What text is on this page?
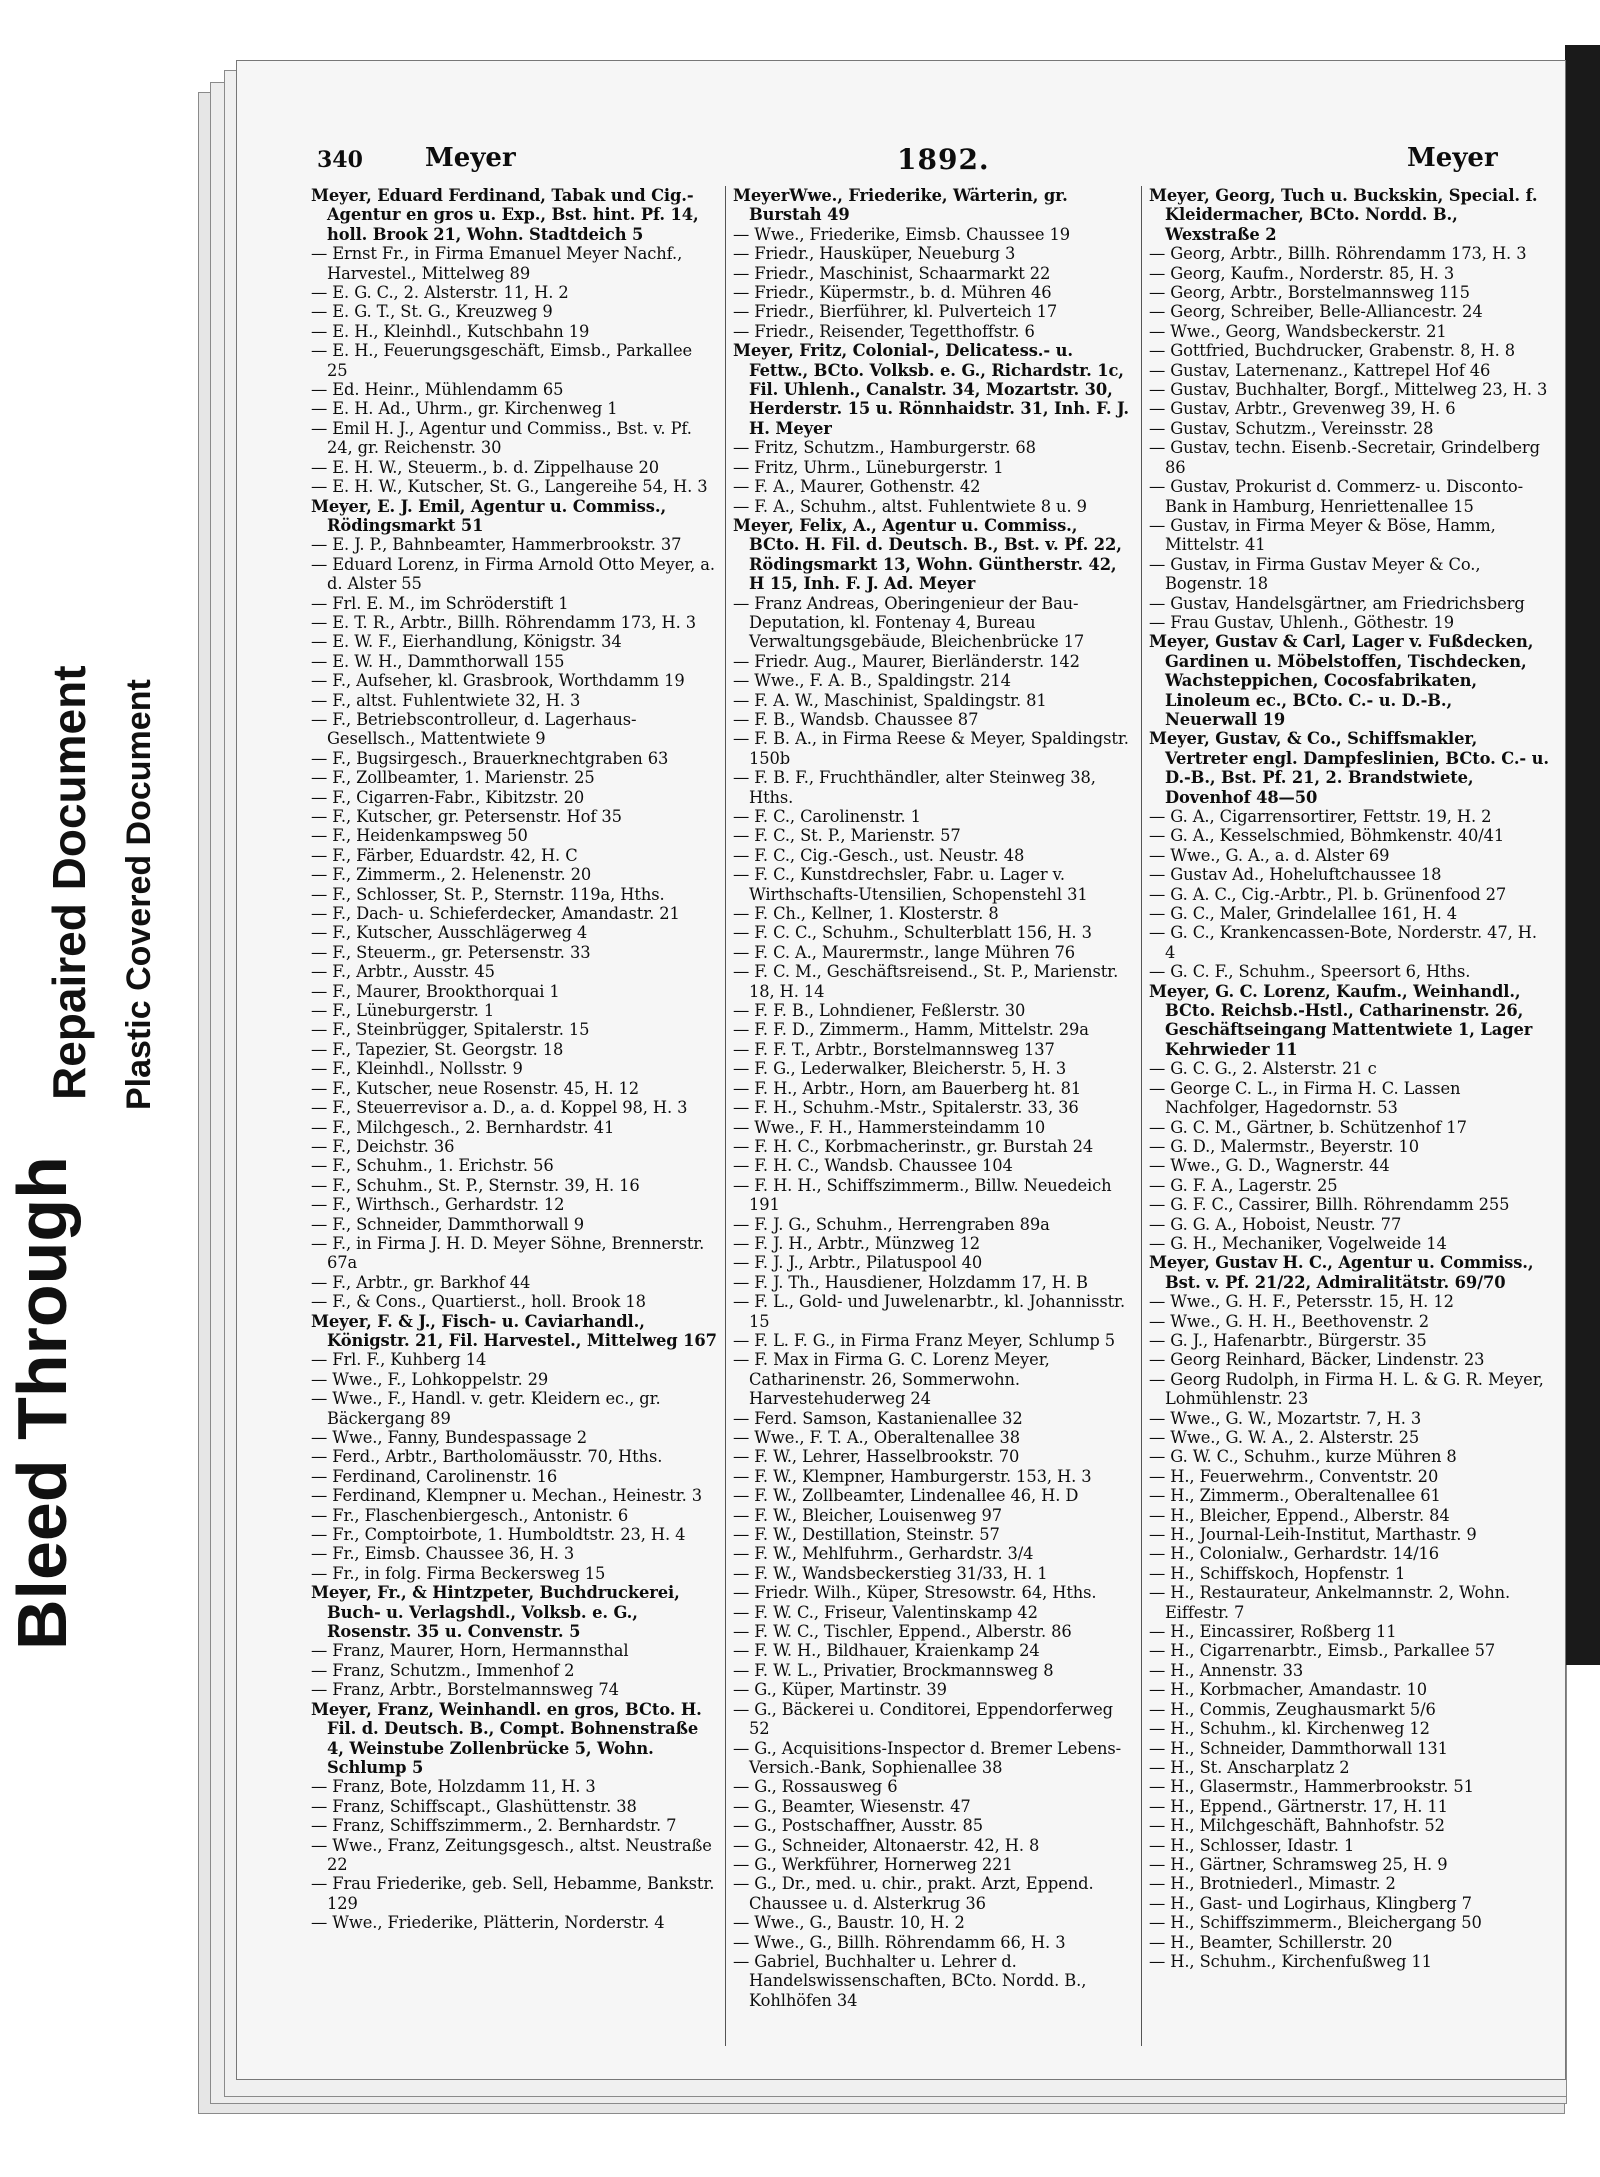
Bleed Through
Repaired Document Plastic Covered Document
340 Meyer	1892.	Meyer

Meyer, Eduard Ferdinand, Tabak und Cig.-Agentur en gros u. Exp., Bst. hint. Pf. 14, holl. Brook 21, Wohn. Stadtdeich 5

— Ernst Fr., in Firma Emanuel Meyer Nachf., Harvestel., Mittelweg 89

— E. G. C., 2. Alsterstr. 11, H. 2

— E. G. T., St. G., Kreuzweg 9

— E. H., Kleinhdl., Kutschbahn 19

— E. H., Feuerungsgeschäft, Eimsb., Parkallee 25

— Ed. Heinr., Mühlendamm 65

— E. H. Ad., Uhrm., gr. Kirchenweg 1

— Emil H. J., Agentur und Commiss., Bst. v. Pf. 24, gr. Reichenstr. 30

— E. H. W., Steuerm., b. d. Zippelhause 20

— E. H. W., Kutscher, St. G., Langereihe 54, H. 3

Meyer, E. J. Emil, Agentur u. Commiss., Rödingsmarkt 51

— E. J. P., Bahnbeamter, Hammerbrookstr. 37

— Eduard Lorenz, in Firma Arnold Otto Meyer, a. d. Alster 55

— Frl. E. M., im Schröderstift 1

— E. T. R., Arbtr., Billh. Röhrendamm 173, H. 3

— E. W. F., Eierhandlung, Königstr. 34

— E. W. H., Dammthorwall 155

— F., Aufseher, kl. Grasbrook, Worthdamm 19

— F., altst. Fuhlentwiete 32, H. 3

— F., Betriebscontrolleur, d. Lagerhaus-Gesellsch., Mattentwiete 9

— F., Bugsirgesch., Brauerknechtgraben 63

— F., Zollbeamter, 1. Marienstr. 25

— F., Cigarren-Fabr., Kibitzstr. 20

— F., Kutscher, gr. Petersenstr. Hof 35

— F., Heidenkampsweg 50

— F., Färber, Eduardstr. 42, H. C

— F., Zimmerm., 2. Helenenstr. 20

— F., Schlosser, St. P., Sternstr. 119a, Hths.

— F., Dach- u. Schieferdecker, Amandastr. 21

— F., Kutscher, Ausschlägerweg 4

— F., Steuerm., gr. Petersenstr. 33

— F., Arbtr., Ausstr. 45

— F., Maurer, Brookthorquai 1

— F., Lüneburgerstr. 1

— F., Steinbrügger, Spitalerstr. 15

— F., Tapezier, St. Georgstr. 18

— F., Kleinhdl., Nollsstr. 9

— F., Kutscher, neue Rosenstr. 45, H. 12

— F., Steuerrevisor a. D., a. d. Koppel 98, H. 3

— F., Milchgesch., 2. Bernhardstr. 41

— F., Deichstr. 36

— F., Schuhm., 1. Erichstr. 56

— F., Schuhm., St. P., Sternstr. 39, H. 16

— F., Wirthsch., Gerhardstr. 12

— F., Schneider, Dammthorwall 9

— F., in Firma J. H. D. Meyer Söhne, Brennerstr. 67a

— F., Arbtr., gr. Barkhof 44

— F., & Cons., Quartierst., holl. Brook 18

Meyer, F. & J., Fisch- u. Caviarhandl., Königstr. 21, Fil. Harvestel., Mittelweg 167

— Frl. F., Kuhberg 14

— Wwe., F., Lohkoppelstr. 29

— Wwe., F., Handl. v. getr. Kleidern ec., gr. Bäckergang 89

— Wwe., Fanny, Bundespassage 2

— Ferd., Arbtr., Bartholomäusstr. 70, Hths.

— Ferdinand, Carolinenstr. 16

— Ferdinand, Klempner u. Mechan., Heinestr. 3

— Fr., Flaschenbiergesch., Antonistr. 6

— Fr., Comptoirbote, 1. Humboldtstr. 23, H. 4

— Fr., Eimsb. Chaussee 36, H. 3

— Fr., in folg. Firma Beckersweg 15

Meyer, Fr., & Hintzpeter, Buchdruckerei, Buch- u. Verlagshdl., Volksb. e. G., Rosenstr. 35 u. Convenstr. 5

— Franz, Maurer, Horn, Hermannsthal

— Franz, Schutzm., Immenhof 2

— Franz, Arbtr., Borstelmannsweg 74

Meyer, Franz, Weinhandl. en gros, BCto. H. Fil. d. Deutsch. B., Compt. Bohnenstraße 4, Weinstube Zollenbrücke 5, Wohn. Schlump 5

— Franz, Bote, Holzdamm 11, H. 3

— Franz, Schiffscapt., Glashüttenstr. 38

— Franz, Schiffszimmerm., 2. Bernhardstr. 7

— Wwe., Franz, Zeitungsgesch., altst. Neustraße 22

— Frau Friederike, geb. Sell, Hebamme, Bankstr. 129

— Wwe., Friederike, Plätterin, Norderstr. 4

MeyerWwe., Friederike, Wärterin, gr. Burstah 49

— Wwe., Friederike, Eimsb. Chaussee 19

— Friedr., Hausküper, Neueburg 3

— Friedr., Maschinist, Schaarmarkt 22

— Friedr., Küpermstr., b. d. Mühren 46

— Friedr., Bierführer, kl. Pulverteich 17

— Friedr., Reisender, Tegetthoffstr. 6

Meyer, Fritz, Colonial-, Delicatess.- u. Fettw., BCto. Volksb. e. G., Richardstr. 1c, Fil. Uhlenh., Canalstr. 34, Mozartstr. 30, Herderstr. 15 u. Rönnhaidstr. 31, Inh. F. J. H. Meyer

— Fritz, Schutzm., Hamburgerstr. 68

— Fritz, Uhrm., Lüneburgerstr. 1

— F. A., Maurer, Gothenstr. 42

— F. A., Schuhm., altst. Fuhlentwiete 8 u. 9

Meyer, Felix, A., Agentur u. Commiss., BCto. H. Fil. d. Deutsch. B., Bst. v. Pf. 22, Rödingsmarkt 13, Wohn. Güntherstr. 42, H 15, Inh. F. J. Ad. Meyer

— Franz Andreas, Oberingenieur der Bau-Deputation, kl. Fontenay 4, Bureau Verwaltungsgebäude, Bleichenbrücke 17

— Friedr. Aug., Maurer, Bierländerstr. 142

— Wwe., F. A. B., Spaldingstr. 214

— F. A. W., Maschinist, Spaldingstr. 81

— F. B., Wandsb. Chaussee 87

— F. B. A., in Firma Reese & Meyer, Spaldingstr. 150b

— F. B. F., Fruchthändler, alter Steinweg 38, Hths.

— F. C., Carolinenstr. 1

— F. C., St. P., Marienstr. 57

— F. C., Cig.-Gesch., ust. Neustr. 48

— F. C., Kunstdrechsler, Fabr. u. Lager v. Wirthschafts-Utensilien, Schopenstehl 31

— F. Ch., Kellner, 1. Klosterstr. 8

— F. C. C., Schuhm., Schulterblatt 156, H. 3

— F. C. A., Maurermstr., lange Mühren 76

— F. C. M., Geschäftsreisend., St. P., Marienstr. 18, H. 14

— F. F. B., Lohndiener, Feßlerstr. 30

— F. F. D., Zimmerm., Hamm, Mittelstr. 29a

— F. F. T., Arbtr., Borstelmannsweg 137

— F. G., Lederwalker, Bleicherstr. 5, H. 3

— F. H., Arbtr., Horn, am Bauerberg ht. 81

— F. H., Schuhm.-Mstr., Spitalerstr. 33, 36

— Wwe., F. H., Hammersteindamm 10

— F. H. C., Korbmacherinstr., gr. Burstah 24

— F. H. C., Wandsb. Chaussee 104

— F. H. H., Schiffszimmerm., Billw. Neuedeich 191

— F. J. G., Schuhm., Herrengraben 89a

— F. J. H., Arbtr., Münzweg 12

— F. J. J., Arbtr., Pilatuspool 40

— F. J. Th., Hausdiener, Holzdamm 17, H. B

— F. L., Gold- und Juwelenarbtr., kl. Johannisstr. 15

— F. L. F. G., in Firma Franz Meyer, Schlump 5

— F. Max in Firma G. C. Lorenz Meyer, Catharinenstr. 26, Sommerwohn. Harvestehuderweg 24

— Ferd. Samson, Kastanienallee 32

— Wwe., F. T. A., Oberaltenallee 38

— F. W., Lehrer, Hasselbrookstr. 70

— F. W., Klempner, Hamburgerstr. 153, H. 3

— F. W., Zollbeamter, Lindenallee 46, H. D

— F. W., Bleicher, Louisenweg 97

— F. W., Destillation, Steinstr. 57

— F. W., Mehlfuhrm., Gerhardstr. 3/4

— F. W., Wandsbeckerstieg 31/33, H. 1

— Friedr. Wilh., Küper, Stresowstr. 64, Hths.

— F. W. C., Friseur, Valentinskamp 42

— F. W. C., Tischler, Eppend., Alberstr. 86

— F. W. H., Bildhauer, Kraienkamp 24

— F. W. L., Privatier, Brockmannsweg 8

— G., Küper, Martinstr. 39

— G., Bäckerei u. Conditorei, Eppendorferweg 52

— G., Acquisitions-Inspector d. Bremer Lebens-Versich.-Bank, Sophienallee 38

— G., Rossausweg 6

— G., Beamter, Wiesenstr. 47

— G., Postschaffner, Ausstr. 85

— G., Schneider, Altonaerstr. 42, H. 8

— G., Werkführer, Hornerweg 221

— G., Dr., med. u. chir., prakt. Arzt, Eppend. Chaussee u. d. Alsterkrug 36

— Wwe., G., Baustr. 10, H. 2

— Wwe., G., Billh. Röhrendamm 66, H. 3

— Gabriel, Buchhalter u. Lehrer d. Handelswissenschaften, BCto. Nordd. B., Kohlhöfen 34

Meyer, Georg, Tuch u. Buckskin, Special. f. Kleidermacher, BCto. Nordd. B., Wexstraße 2

— Georg, Arbtr., Billh. Röhrendamm 173, H. 3

— Georg, Kaufm., Norderstr. 85, H. 3

— Georg, Arbtr., Borstelmannsweg 115

— Georg, Schreiber, Belle-Alliancestr. 24

— Wwe., Georg, Wandsbeckerstr. 21

— Gottfried, Buchdrucker, Grabenstr. 8, H. 8

— Gustav, Laternenanz., Kattrepel Hof 46

— Gustav, Buchhalter, Borgf., Mittelweg 23, H. 3

— Gustav, Arbtr., Grevenweg 39, H. 6

— Gustav, Schutzm., Vereinsstr. 28

— Gustav, techn. Eisenb.-Secretair, Grindelberg 86

— Gustav, Prokurist d. Commerz- u. Disconto-Bank in Hamburg, Henriettenallee 15

— Gustav, in Firma Meyer & Böse, Hamm, Mittelstr. 41

— Gustav, in Firma Gustav Meyer & Co., Bogenstr. 18

— Gustav, Handelsgärtner, am Friedrichsberg

— Frau Gustav, Uhlenh., Göthestr. 19

Meyer, Gustav & Carl, Lager v. Fußdecken, Gardinen u. Möbelstoffen, Tischdecken, Wachsteppichen, Cocosfabrikaten, Linoleum ec., BCto. C.- u. D.-B., Neuerwall 19

Meyer, Gustav, & Co., Schiffsmakler, Vertreter engl. Dampfeslinien, BCto. C.- u. D.-B., Bst. Pf. 21, 2. Brandstwiete, Dovenhof 48—50

— G. A., Cigarrensortirer, Fettstr. 19, H. 2

— G. A., Kesselschmied, Böhmkenstr. 40/41

— Wwe., G. A., a. d. Alster 69

— Gustav Ad., Hoheluftchaussee 18

— G. A. C., Cig.-Arbtr., Pl. b. Grünenfood 27

— G. C., Maler, Grindelallee 161, H. 4

— G. C., Krankencassen-Bote, Norderstr. 47, H. 4

— G. C. F., Schuhm., Speersort 6, Hths.

Meyer, G. C. Lorenz, Kaufm., Weinhandl., BCto. Reichsb.-Hstl., Catharinenstr. 26, Geschäftseingang Mattentwiete 1, Lager Kehrwieder 11

— G. C. G., 2. Alsterstr. 21 c

— George C. L., in Firma H. C. Lassen Nachfolger, Hagedornstr. 53

— G. C. M., Gärtner, b. Schützenhof 17

— G. D., Malermstr., Beyerstr. 10

— Wwe., G. D., Wagnerstr. 44

— G. F. A., Lagerstr. 25

— G. F. C., Cassirer, Billh. Röhrendamm 255

— G. G. A., Hoboist, Neustr. 77

— G. H., Mechaniker, Vogelweide 14

Meyer, Gustav H. C., Agentur u. Commiss., Bst. v. Pf. 21/22, Admiralitätstr. 69/70

— Wwe., G. H. F., Petersstr. 15, H. 12

— Wwe., G. H. H., Beethovenstr. 2

— G. J., Hafenarbtr., Bürgerstr. 35

— Georg Reinhard, Bäcker, Lindenstr. 23

— Georg Rudolph, in Firma H. L. & G. R. Meyer, Lohmühlenstr. 23

— Wwe., G. W., Mozartstr. 7, H. 3

— Wwe., G. W. A., 2. Alsterstr. 25

— G. W. C., Schuhm., kurze Mühren 8

— H., Feuerwehrm., Conventstr. 20

— H., Zimmerm., Oberaltenallee 61

— H., Bleicher, Eppend., Alberstr. 84

— H., Journal-Leih-Institut, Marthastr. 9

— H., Colonialw., Gerhardstr. 14/16

— H., Schiffskoch, Hopfenstr. 1

— H., Restaurateur, Ankelmannstr. 2, Wohn. Eiffestr. 7

— H., Eincassirer, Roßberg 11

— H., Cigarrenarbtr., Eimsb., Parkallee 57

— H., Annenstr. 33

— H., Korbmacher, Amandastr. 10

— H., Commis, Zeughausmarkt 5/6

— H., Schuhm., kl. Kirchenweg 12

— H., Schneider, Dammthorwall 131

— H., St. Anscharplatz 2

— H., Glasermstr., Hammerbrookstr. 51

— H., Eppend., Gärtnerstr. 17, H. 11

— H., Milchgeschäft, Bahnhofstr. 52

— H., Schlosser, Idastr. 1

— H., Gärtner, Schramsweg 25, H. 9

— H., Brotniederl., Mimastr. 2

— H., Gast- und Logirhaus, Klingberg 7

— H., Schiffszimmerm., Bleichergang 50

— H., Beamter, Schillerstr. 20

— H., Schuhm., Kirchenfußweg 11
